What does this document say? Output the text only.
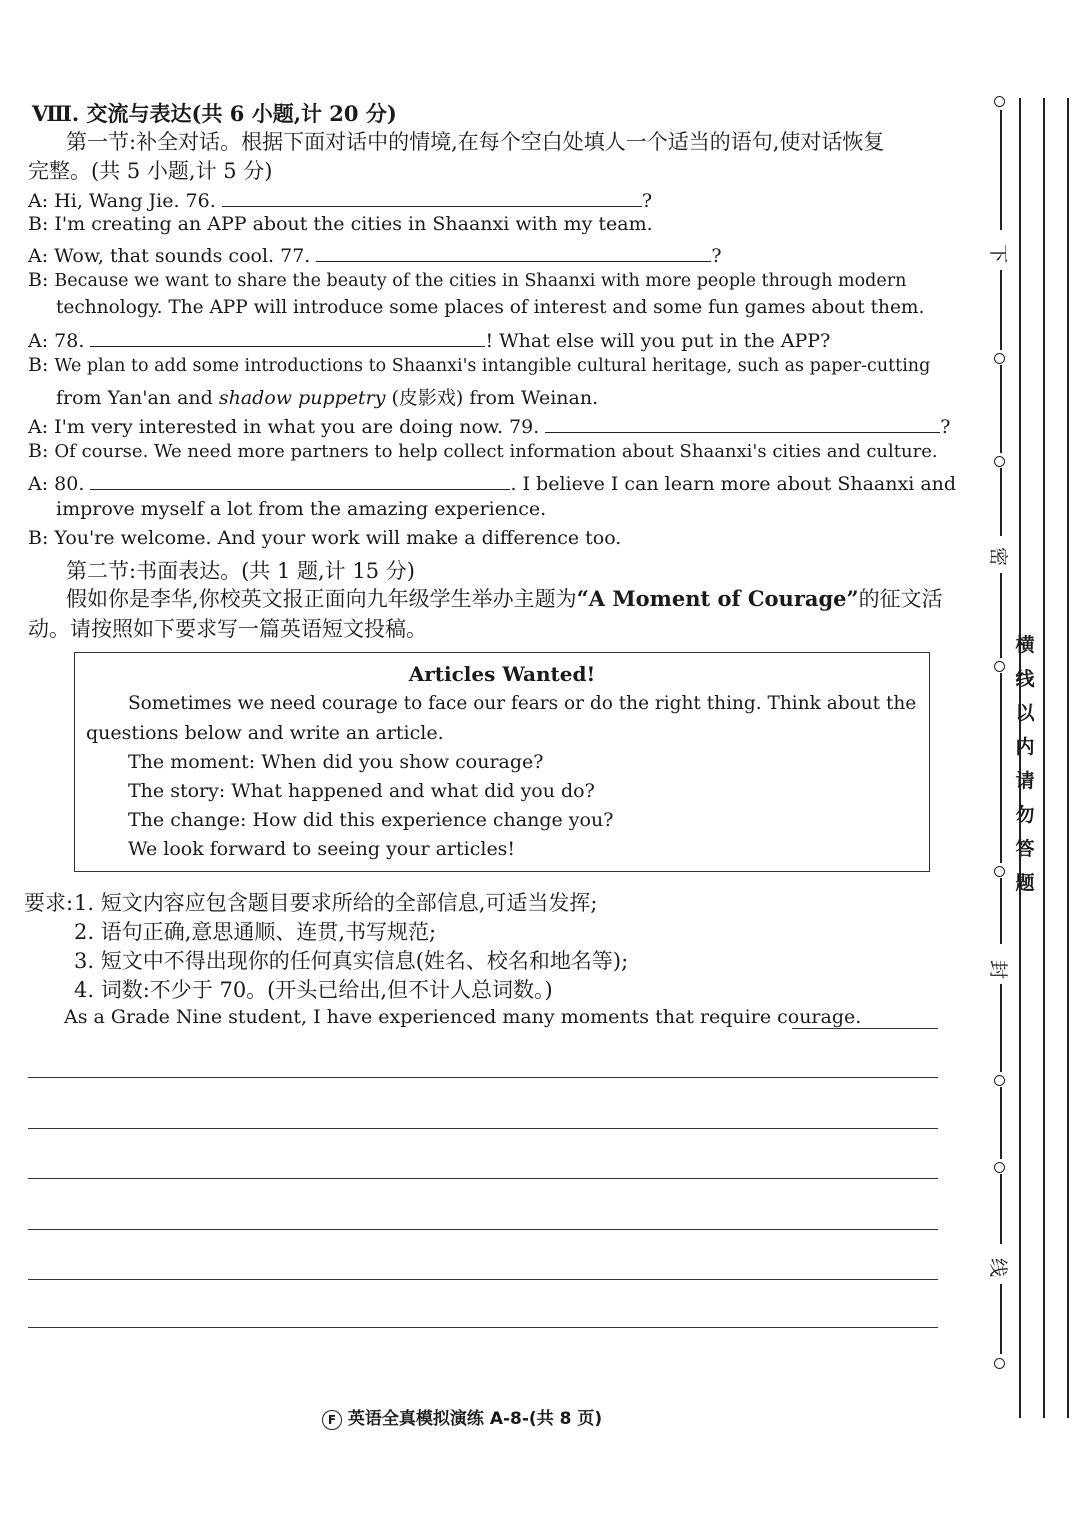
Ⅷ. 交流与表达(共 6 小题,计 20 分)
第一节:补全对话。根据下面对话中的情境,在每个空白处填人一个适当的语句,使对话恢复
完整。(共 5 小题,计 5 分)
A: Hi, Wang Jie. 76.	?
B: I'm creating an APP about the cities in Shaanxi with my team.
A: Wow, that sounds cool. 77.	?
B: Because we want to share the beauty of the cities in Shaanxi with more people through modern
technology. The APP will introduce some places of interest and some fun games about them.
A: 78.	! What else will you put in the APP?
B: We plan to add some introductions to Shaanxi's intangible cultural heritage, such as paper-cutting
from Yan'an and shadow puppetry (皮影戏) from Weinan.
A: I'm very interested in what you are doing now. 79.	?
B: Of course. We need more partners to help collect information about Shaanxi's cities and culture.
A: 80.	. I believe I can learn more about Shaanxi and
improve myself a lot from the amazing experience.
B: You're welcome. And your work will make a difference too.
第二节:书面表达。(共 1 题,计 15 分)
假如你是李华,你校英文报正面向九年级学生举办主题为“A Moment of Courage”的征文活
动。请按照如下要求写一篇英语短文投稿。
Articles Wanted!
Sometimes we need courage to face our fears or do the right thing. Think about the
questions below and write an article.
The moment: When did you show courage?
The story: What happened and what did you do?
The change: How did this experience change you?
We look forward to seeing your articles!
要求: 1. 短文内容应包含题目要求所给的全部信息,可适当发挥;
2. 语句正确,意思通顺、连贯,书写规范;
3. 短文中不得出现你的任何真实信息(姓名、校名和地名等);
4. 词数:不少于 70。(开头已给出,但不计人总词数。)
As a Grade Nine student, I have experienced many moments that require courage.
F 英语全真模拟演练 A-8-(共 8 页)
下
密
封
线
横线以内请勿答题
